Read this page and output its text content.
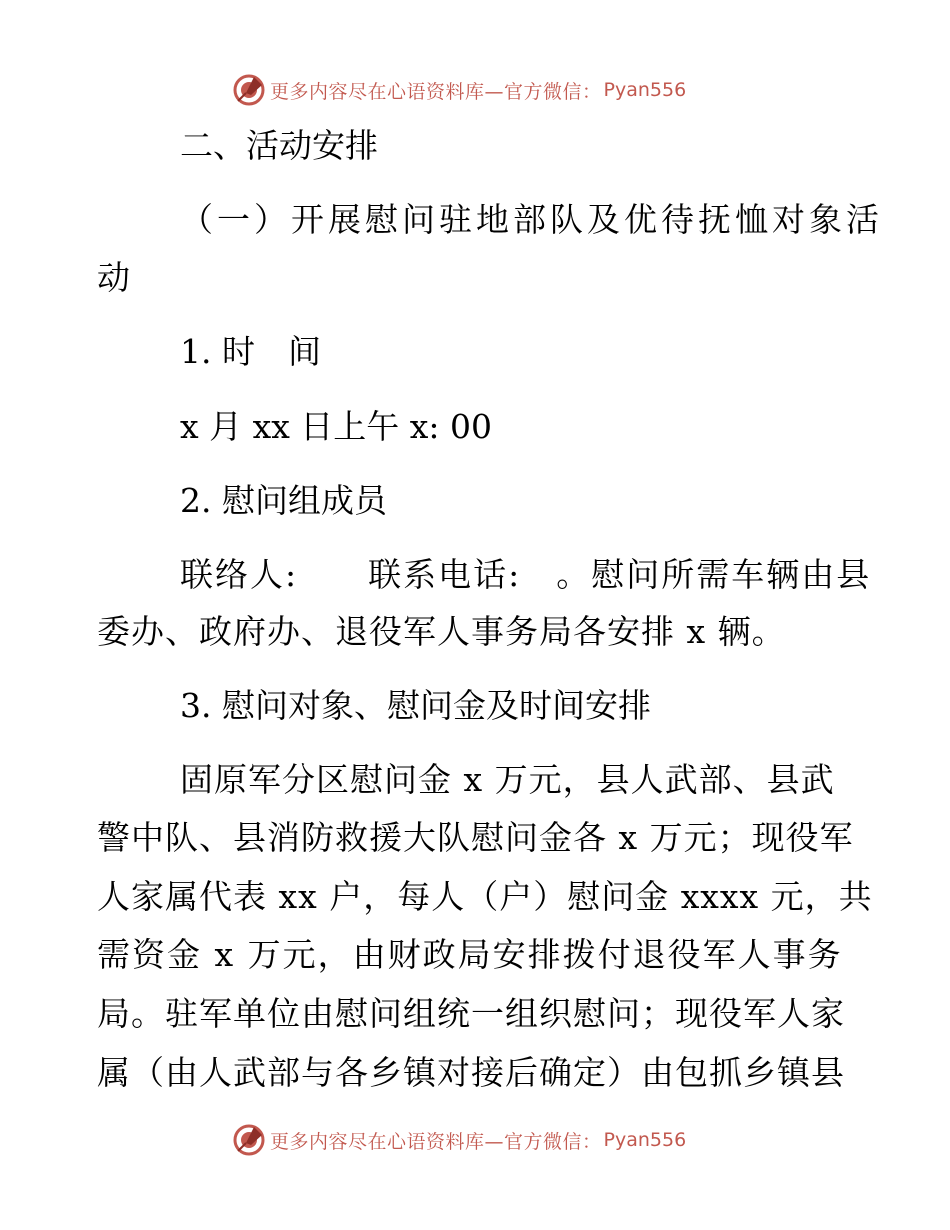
更多内容尽在心语资料库—官方微信： Pyan556
二、活动安排
（一）开展慰问驻地部队及优待抚恤对象活
动
1. 时　间
x 月 xx 日上午 x: 00
2. 慰问组成员
联络人:　　联系电话:　。慰问所需车辆由县
委办、政府办、退役军人事务局各安排 x 辆。
3. 慰问对象、慰问金及时间安排
固原军分区慰问金 x 万元，县人武部、县武
警中队、县消防救援大队慰问金各 x 万元；现役军
人家属代表 xx 户，每人（户）慰问金 xxxx 元，共
需资金 x 万元，由财政局安排拨付退役军人事务
局。驻军单位由慰问组统一组织慰问；现役军人家
属（由人武部与各乡镇对接后确定）由包抓乡镇县
更多内容尽在心语资料库—官方微信： Pyan556
